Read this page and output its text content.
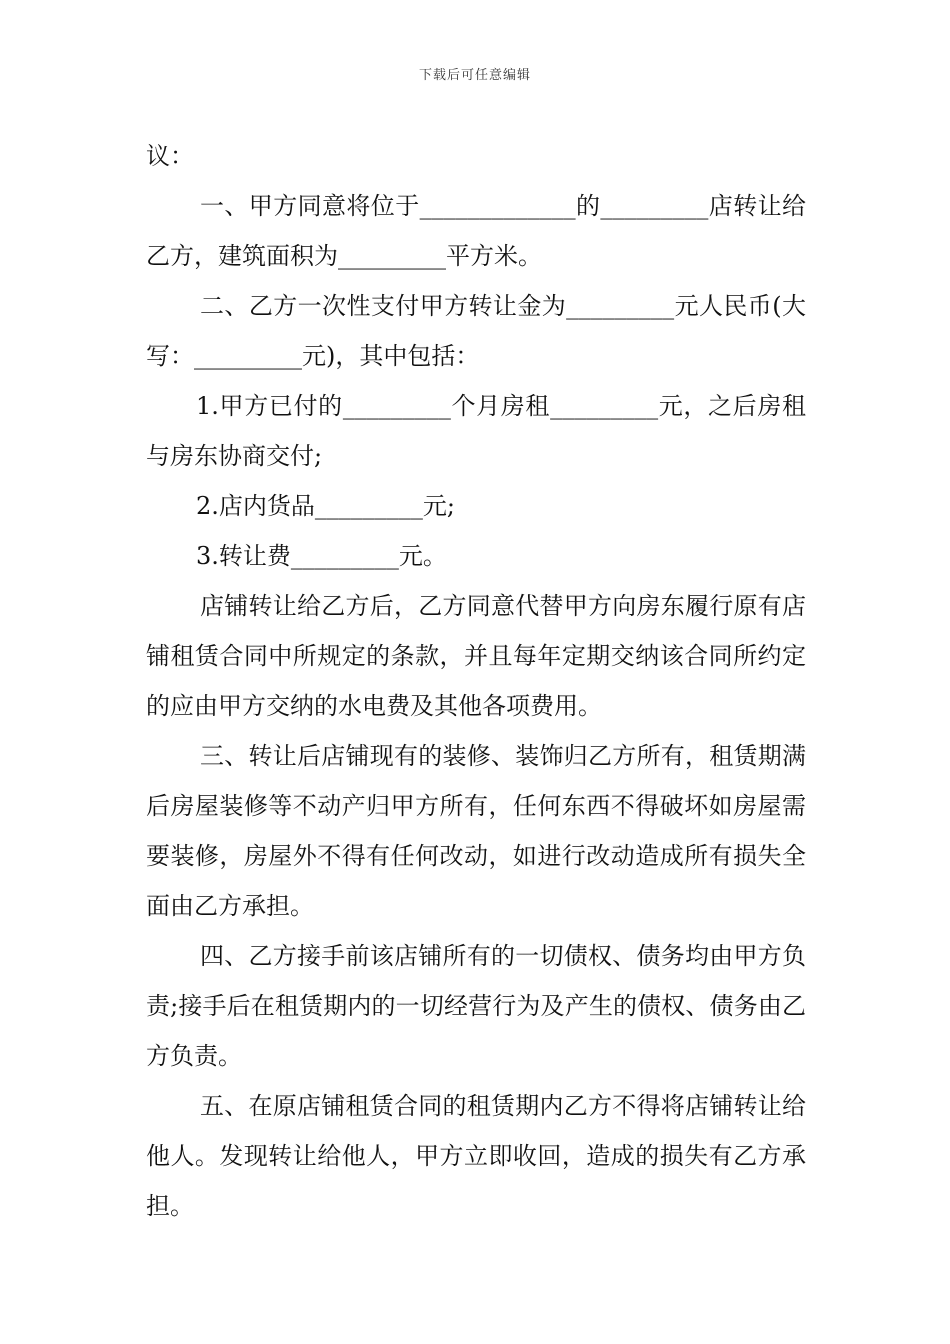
下载后可任意编辑

议：

一、甲方同意将位于_____________的_________店转让给乙方，建筑面积为_________平方米。

二、乙方一次性支付甲方转让金为_________元人民币(大写：_________元)，其中包括：

1.甲方已付的_________个月房租_________元，之后房租与房东协商交付;

2.店内货品_________元;

3.转让费_________元。

店铺转让给乙方后，乙方同意代替甲方向房东履行原有店铺租赁合同中所规定的条款，并且每年定期交纳该合同所约定的应由甲方交纳的水电费及其他各项费用。

三、转让后店铺现有的装修、装饰归乙方所有，租赁期满后房屋装修等不动产归甲方所有，任何东西不得破坏如房屋需要装修，房屋外不得有任何改动，如进行改动造成所有损失全面由乙方承担。

四、乙方接手前该店铺所有的一切债权、债务均由甲方负责;接手后在租赁期内的一切经营行为及产生的债权、债务由乙方负责。

五、在原店铺租赁合同的租赁期内乙方不得将店铺转让给他人。发现转让给他人，甲方立即收回，造成的损失有乙方承担。
